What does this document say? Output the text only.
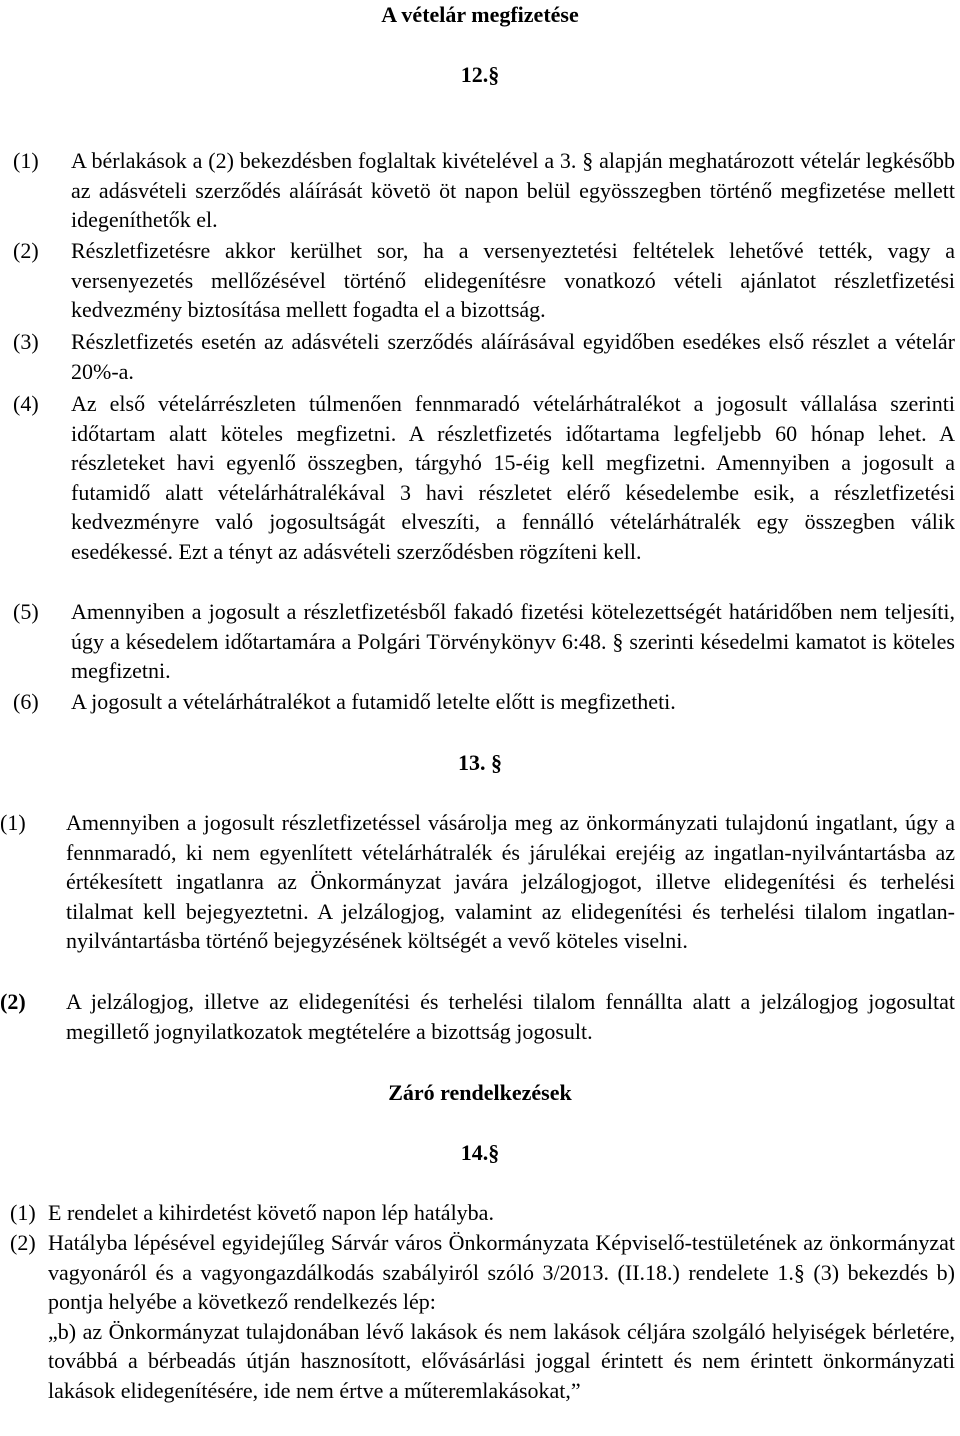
A vételár megfizetése
12.§
(1) A bérlakások a (2) bekezdésben foglaltak kivételével a 3. § alapján meghatározott vételár legkésőbb az adásvételi szerződés aláírását követö öt napon belül egyösszegben történő megfizetése mellett idegeníthetők el.
(2) Részletfizetésre akkor kerülhet sor, ha a versenyeztetési feltételek lehetővé tették, vagy a versenyezetés mellőzésével történő elidegenítésre vonatkozó vételi ajánlatot részletfizetési kedvezmény biztosítása mellett fogadta el a bizottság.
(3) Részletfizetés esetén az adásvételi szerződés aláírásával egyidőben esedékes első részlet a vételár 20%-a.
(4) Az első vételárrészleten túlmenően fennmaradó vételárhátralékot a jogosult vállalása szerinti időtartam alatt köteles megfizetni. A részletfizetés időtartama legfeljebb 60 hónap lehet. A részleteket havi egyenlő összegben, tárgyhó 15-éig kell megfizetni. Amennyiben a jogosult a futamidő alatt vételárhátralékával 3 havi részletet elérő késedelembe esik, a részletfizetési kedvezményre való jogosultságát elveszíti, a fennálló vételárhátralék egy összegben válik esedékessé. Ezt a tényt az adásvételi szerződésben rögzíteni kell.
(5) Amennyiben a jogosult a részletfizetésből fakadó fizetési kötelezettségét határidőben nem teljesíti, úgy a késedelem időtartamára a Polgári Törvénykönyv 6:48. § szerinti késedelmi kamatot is köteles megfizetni.
(6) A jogosult a vételárhátralékot a futamidő letelte előtt is megfizetheti.
13. §
(1) Amennyiben a jogosult részletfizetéssel vásárolja meg az önkormányzati tulajdonú ingatlant, úgy a fennmaradó, ki nem egyenlített vételárhátralék és járulékai erejéig az ingatlan-nyilvántartásba az értékesített ingatlanra az Önkormányzat javára jelzálogjogot, illetve elidegenítési és terhelési tilalmat kell bejegyeztetni. A jelzálogjog, valamint az elidegenítési és terhelési tilalom ingatlan-nyilvántartásba történő bejegyzésének költségét a vevő köteles viselni.
(2) A jelzálogjog, illetve az elidegenítési és terhelési tilalom fennállta alatt a jelzálogjog jogosultat megillető jognyilatkozatok megtételére a bizottság jogosult.
Záró rendelkezések
14.§
(1) E rendelet a kihirdetést követő napon lép hatályba.
(2) Hatályba lépésével egyidejűleg Sárvár város Önkormányzata Képviselő-testületének az önkormányzat vagyonáról és a vagyongazdálkodás szabályiról szóló 3/2013. (II.18.) rendelete 1.§ (3) bekezdés b) pontja helyébe a következő rendelkezés lép:
„b) az Önkormányzat tulajdonában lévő lakások és nem lakások céljára szolgáló helyiségek bérletére, továbbá a bérbeadás útján hasznosított, elővásárlási joggal érintett és nem érintett önkormányzati lakások elidegenítésére, ide nem értve a műteremlakásokat,”
